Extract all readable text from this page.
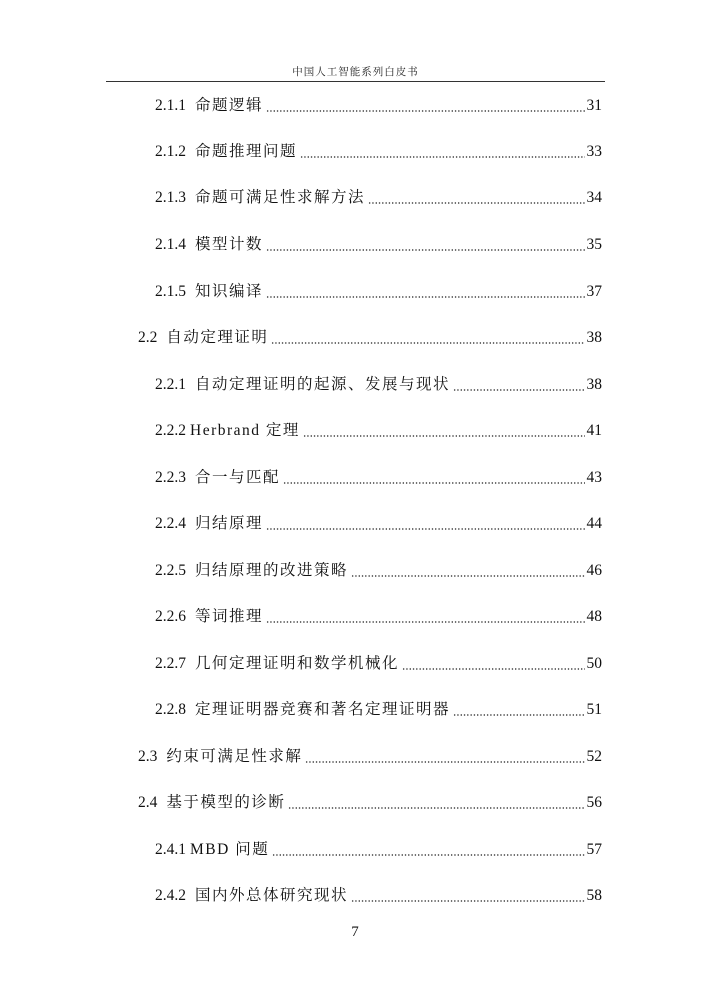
中国人工智能系列白皮书
2.1.1 命题逻辑	31
2.1.2 命题推理问题	33
2.1.3 命题可满足性求解方法	34
2.1.4 模型计数	35
2.1.5 知识编译	37
2.2 自动定理证明	38
2.2.1 自动定理证明的起源、发展与现状	38
2.2.2 Herbrand 定理	41
2.2.3 合一与匹配	43
2.2.4 归结原理	44
2.2.5 归结原理的改进策略	46
2.2.6 等词推理	48
2.2.7 几何定理证明和数学机械化	50
2.2.8 定理证明器竞赛和著名定理证明器	51
2.3 约束可满足性求解	52
2.4 基于模型的诊断	56
2.4.1 MBD 问题	57
2.4.2 国内外总体研究现状	58
7
